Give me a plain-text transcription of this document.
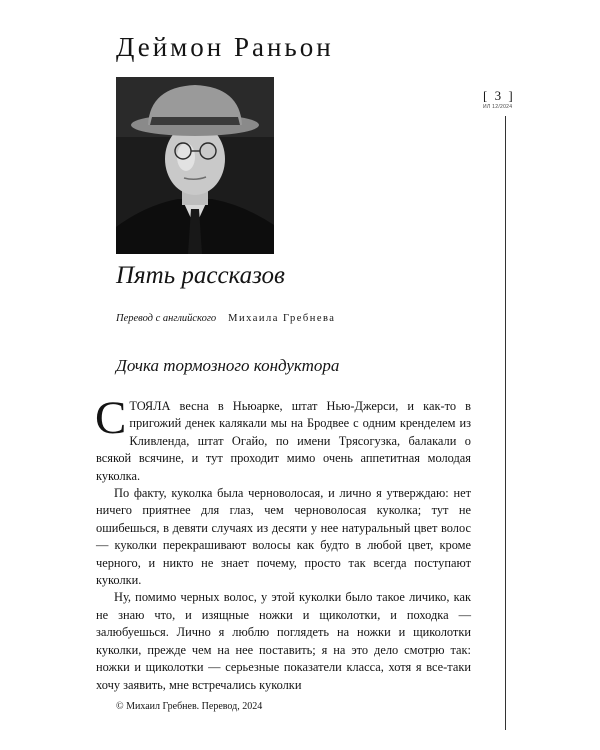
Деймон Раньон
[ 3 ]
ИЛ 12/2024
Пять рассказов
Перевод с английского Михаила Гребнева
Дочка тормозного кондуктора

СТОЯЛА весна в Ньюарке, штат Нью-Джерси, и как-то в пригожий денек калякали мы на Бродвее с одним кренделем из Кливленда, штат Огайо, по имени Трясогузка, балакали о всякой всячине, и тут проходит мимо очень аппетитная молодая куколка.

По факту, куколка была черноволосая, и лично я утверждаю: нет ничего приятнее для глаз, чем черноволосая куколка; тут не ошибешься, в девяти случаях из десяти у нее натуральный цвет волос — куколки перекрашивают волосы как будто в любой цвет, кроме черного, и никто не знает почему, просто так всегда поступают куколки.

Ну, помимо черных волос, у этой куколки было такое личико, как не знаю что, и изящные ножки и щиколотки, и походка — залюбуешься. Лично я люблю поглядеть на ножки и щиколотки куколки, прежде чем на нее поставить; я на это дело смотрю так: ножки и щиколотки — серьезные показатели класса, хотя я все-таки хочу заявить, мне встречались куколки

© Михаил Гребнев. Перевод, 2024
